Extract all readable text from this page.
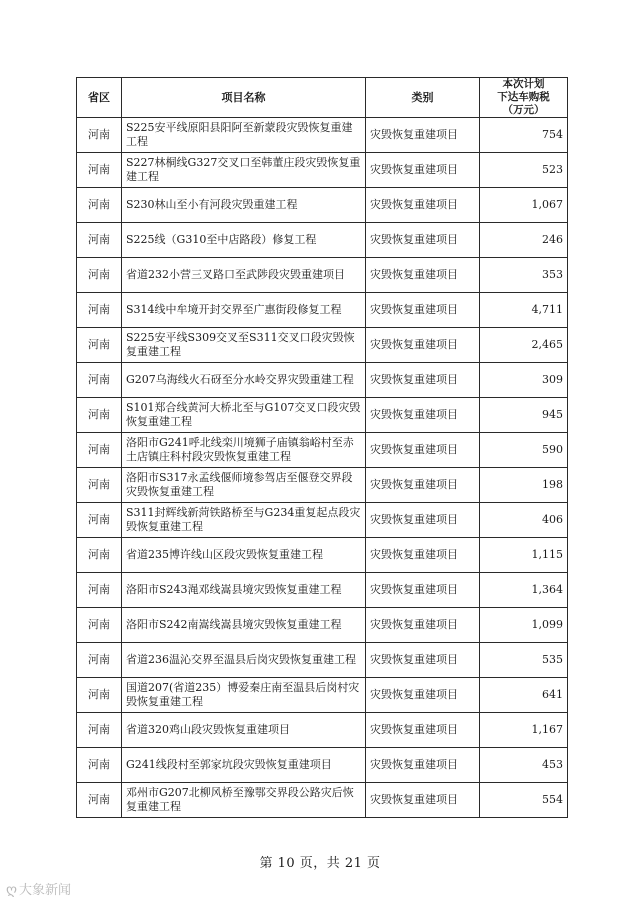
省区	项目名称	类别	本次计划
下达车购税
（万元）

河南	S225安平线原阳县阳阿至新蒙段灾毁恢复重建工程	灾毁恢复重建项目	754
河南	S227林桐线G327交叉口至韩董庄段灾毁恢复重建工程	灾毁恢复重建项目	523
河南	S230林山至小有河段灾毁重建工程	灾毁恢复重建项目	1,067
河南	S225线（G310至中店路段）修复工程	灾毁恢复重建项目	246
河南	省道232小营三叉路口至武陟段灾毁重建项目	灾毁恢复重建项目	353
河南	S314线中牟境开封交界至广惠街段修复工程	灾毁恢复重建项目	4,711
河南	S225安平线S309交叉至S311交叉口段灾毁恢复重建工程	灾毁恢复重建项目	2,465
河南	G207乌海线火石砑至分水岭交界灾毁重建工程	灾毁恢复重建项目	309
河南	S101郑合线黄河大桥北至与G107交叉口段灾毁恢复重建工程	灾毁恢复重建项目	945
河南	洛阳市G241呼北线栾川境狮子庙镇翁峪村至赤土店镇庄科村段灾毁恢复重建工程	灾毁恢复重建项目	590
河南	洛阳市S317永孟线偃师境参驾店至偃登交界段灾毁恢复重建工程	灾毁恢复重建项目	198
河南	S311封辉线新菏铁路桥至与G234重复起点段灾毁恢复重建工程	灾毁恢复重建项目	406
河南	省道235博许线山区段灾毁恢复重建工程	灾毁恢复重建项目	1,115
河南	洛阳市S243渑邓线嵩县境灾毁恢复重建工程	灾毁恢复重建项目	1,364
河南	洛阳市S242南嵩线嵩县境灾毁恢复重建工程	灾毁恢复重建项目	1,099
河南	省道236温沁交界至温县后岗灾毁恢复重建工程	灾毁恢复重建项目	535
河南	国道207(省道235）博爱秦庄南至温县后岗村灾毁恢复重建工程	灾毁恢复重建项目	641
河南	省道320鸡山段灾毁恢复重建项目	灾毁恢复重建项目	1,167
河南	G241线段村至郭家坑段灾毁恢复重建项目	灾毁恢复重建项目	453
河南	邓州市G207北柳风桥至豫鄂交界段公路灾后恢复重建工程	灾毁恢复重建项目	554
第 10 页，共 21 页
ღ 大象新闻
